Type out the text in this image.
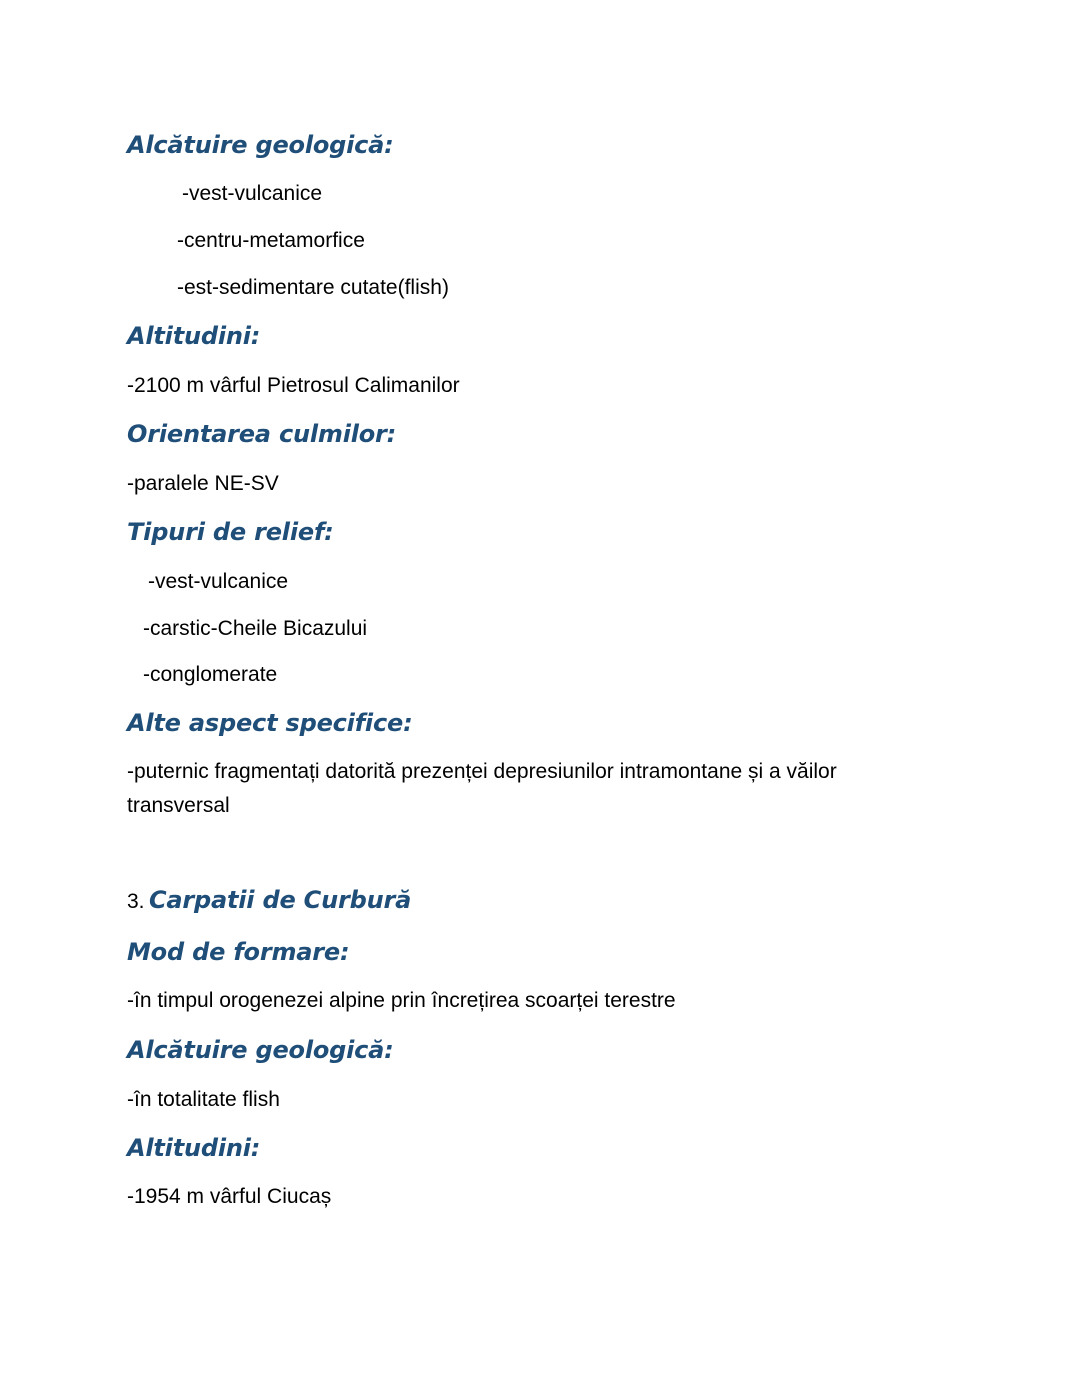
Alcătuire geologică:
-vest-vulcanice
-centru-metamorfice
-est-sedimentare cutate(flish)
Altitudini:
-2100 m vârful Pietrosul Calimanilor
Orientarea culmilor:
-paralele NE-SV
Tipuri de relief:
-vest-vulcanice
-carstic-Cheile Bicazului
-conglomerate
Alte aspect specifice:
-puternic fragmentați datorită prezenței depresiunilor intramontane și a văilor transversal
3. Carpatii de Curbură
Mod de formare:
-în timpul orogenezei alpine prin încrețirea scoarței terestre
Alcătuire geologică:
-în totalitate flish
Altitudini:
-1954 m vârful Ciucaș
